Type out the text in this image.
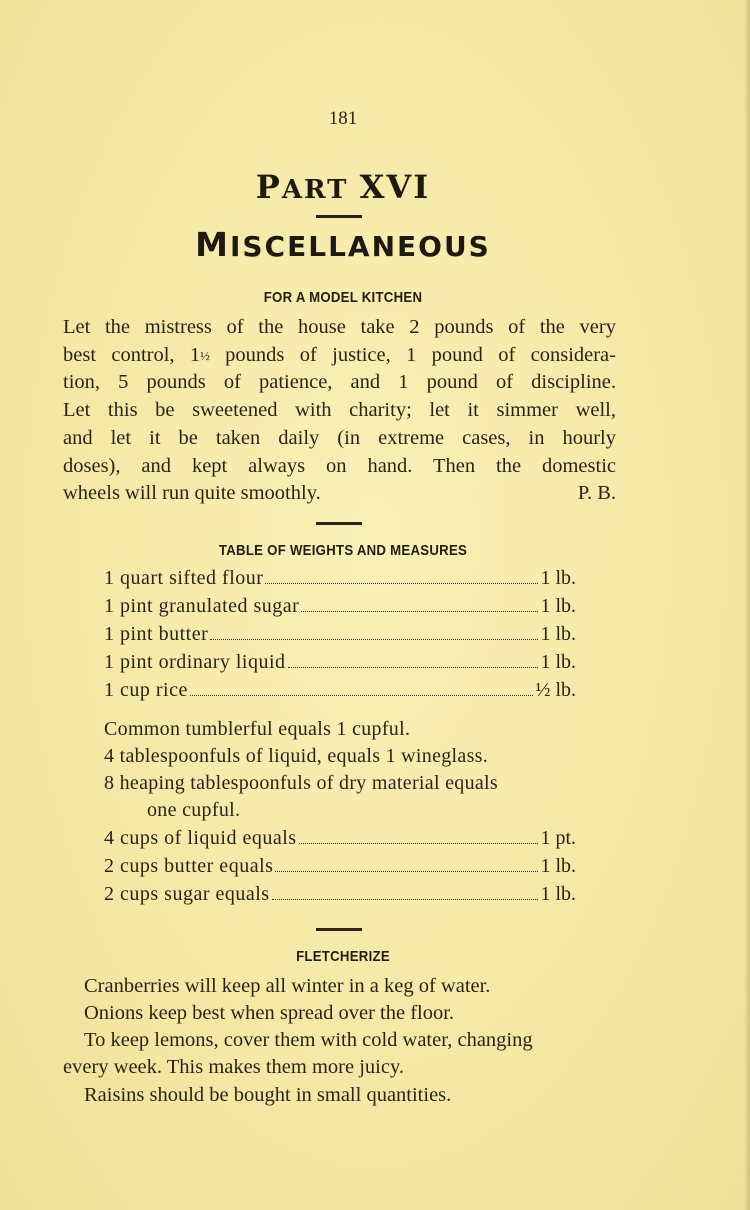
181
PART XVI
MISCELLANEOUS
FOR A MODEL KITCHEN
Let the mistress of the house take 2 pounds of the very
best control, 1½ pounds of justice, 1 pound of considera-
tion, 5 pounds of patience, and 1 pound of discipline.
Let this be sweetened with charity; let it simmer well,
and let it be taken daily (in extreme cases, in hourly
doses), and kept always on hand. Then the domestic
wheels will run quite smoothly.	P. B.
TABLE OF WEIGHTS AND MEASURES
1 quart sifted flour	1 lb.
1 pint granulated sugar	1 lb.
1 pint butter	1 lb.
1 pint ordinary liquid	1 lb.
1 cup rice	½ lb.
Common tumblerful equals 1 cupful.
4 tablespoonfuls of liquid, equals 1 wineglass.
8 heaping tablespoonfuls of dry material equals
one cupful.
4 cups of liquid equals	1 pt.
2 cups butter equals	1 lb.
2 cups sugar equals	1 lb.
FLETCHERIZE
Cranberries will keep all winter in a keg of water.
Onions keep best when spread over the floor.
To keep lemons, cover them with cold water, changing
every week. This makes them more juicy.
Raisins should be bought in small quantities.
